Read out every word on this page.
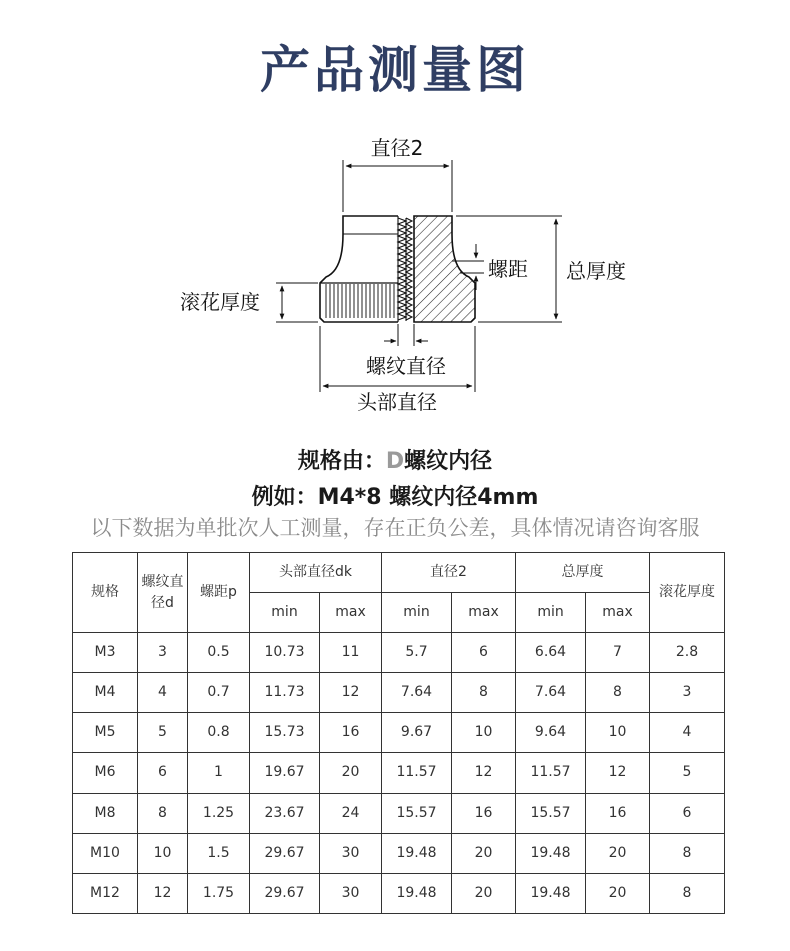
产品测量图
直径2
总厚度
螺距
滚花厚度
螺纹直径
头部直径
规格由：D螺纹内径
例如：M4*8 螺纹内径4mm
以下数据为单批次人工测量，存在正负公差，具体情况请咨询客服
规格	螺纹直径d	螺距p	头部直径dk		直径2		总厚度		滚花厚度
			min	max	min	max	min	max	
M3	3	0.5	10.73	11	5.7	6	6.64	7	2.8
M4	4	0.7	11.73	12	7.64	8	7.64	8	3
M5	5	0.8	15.73	16	9.67	10	9.64	10	4
M6	6	1	19.67	20	11.57	12	11.57	12	5
M8	8	1.25	23.67	24	15.57	16	15.57	16	6
M10	10	1.5	29.67	30	19.48	20	19.48	20	8
M12	12	1.75	29.67	30	19.48	20	19.48	20	8
